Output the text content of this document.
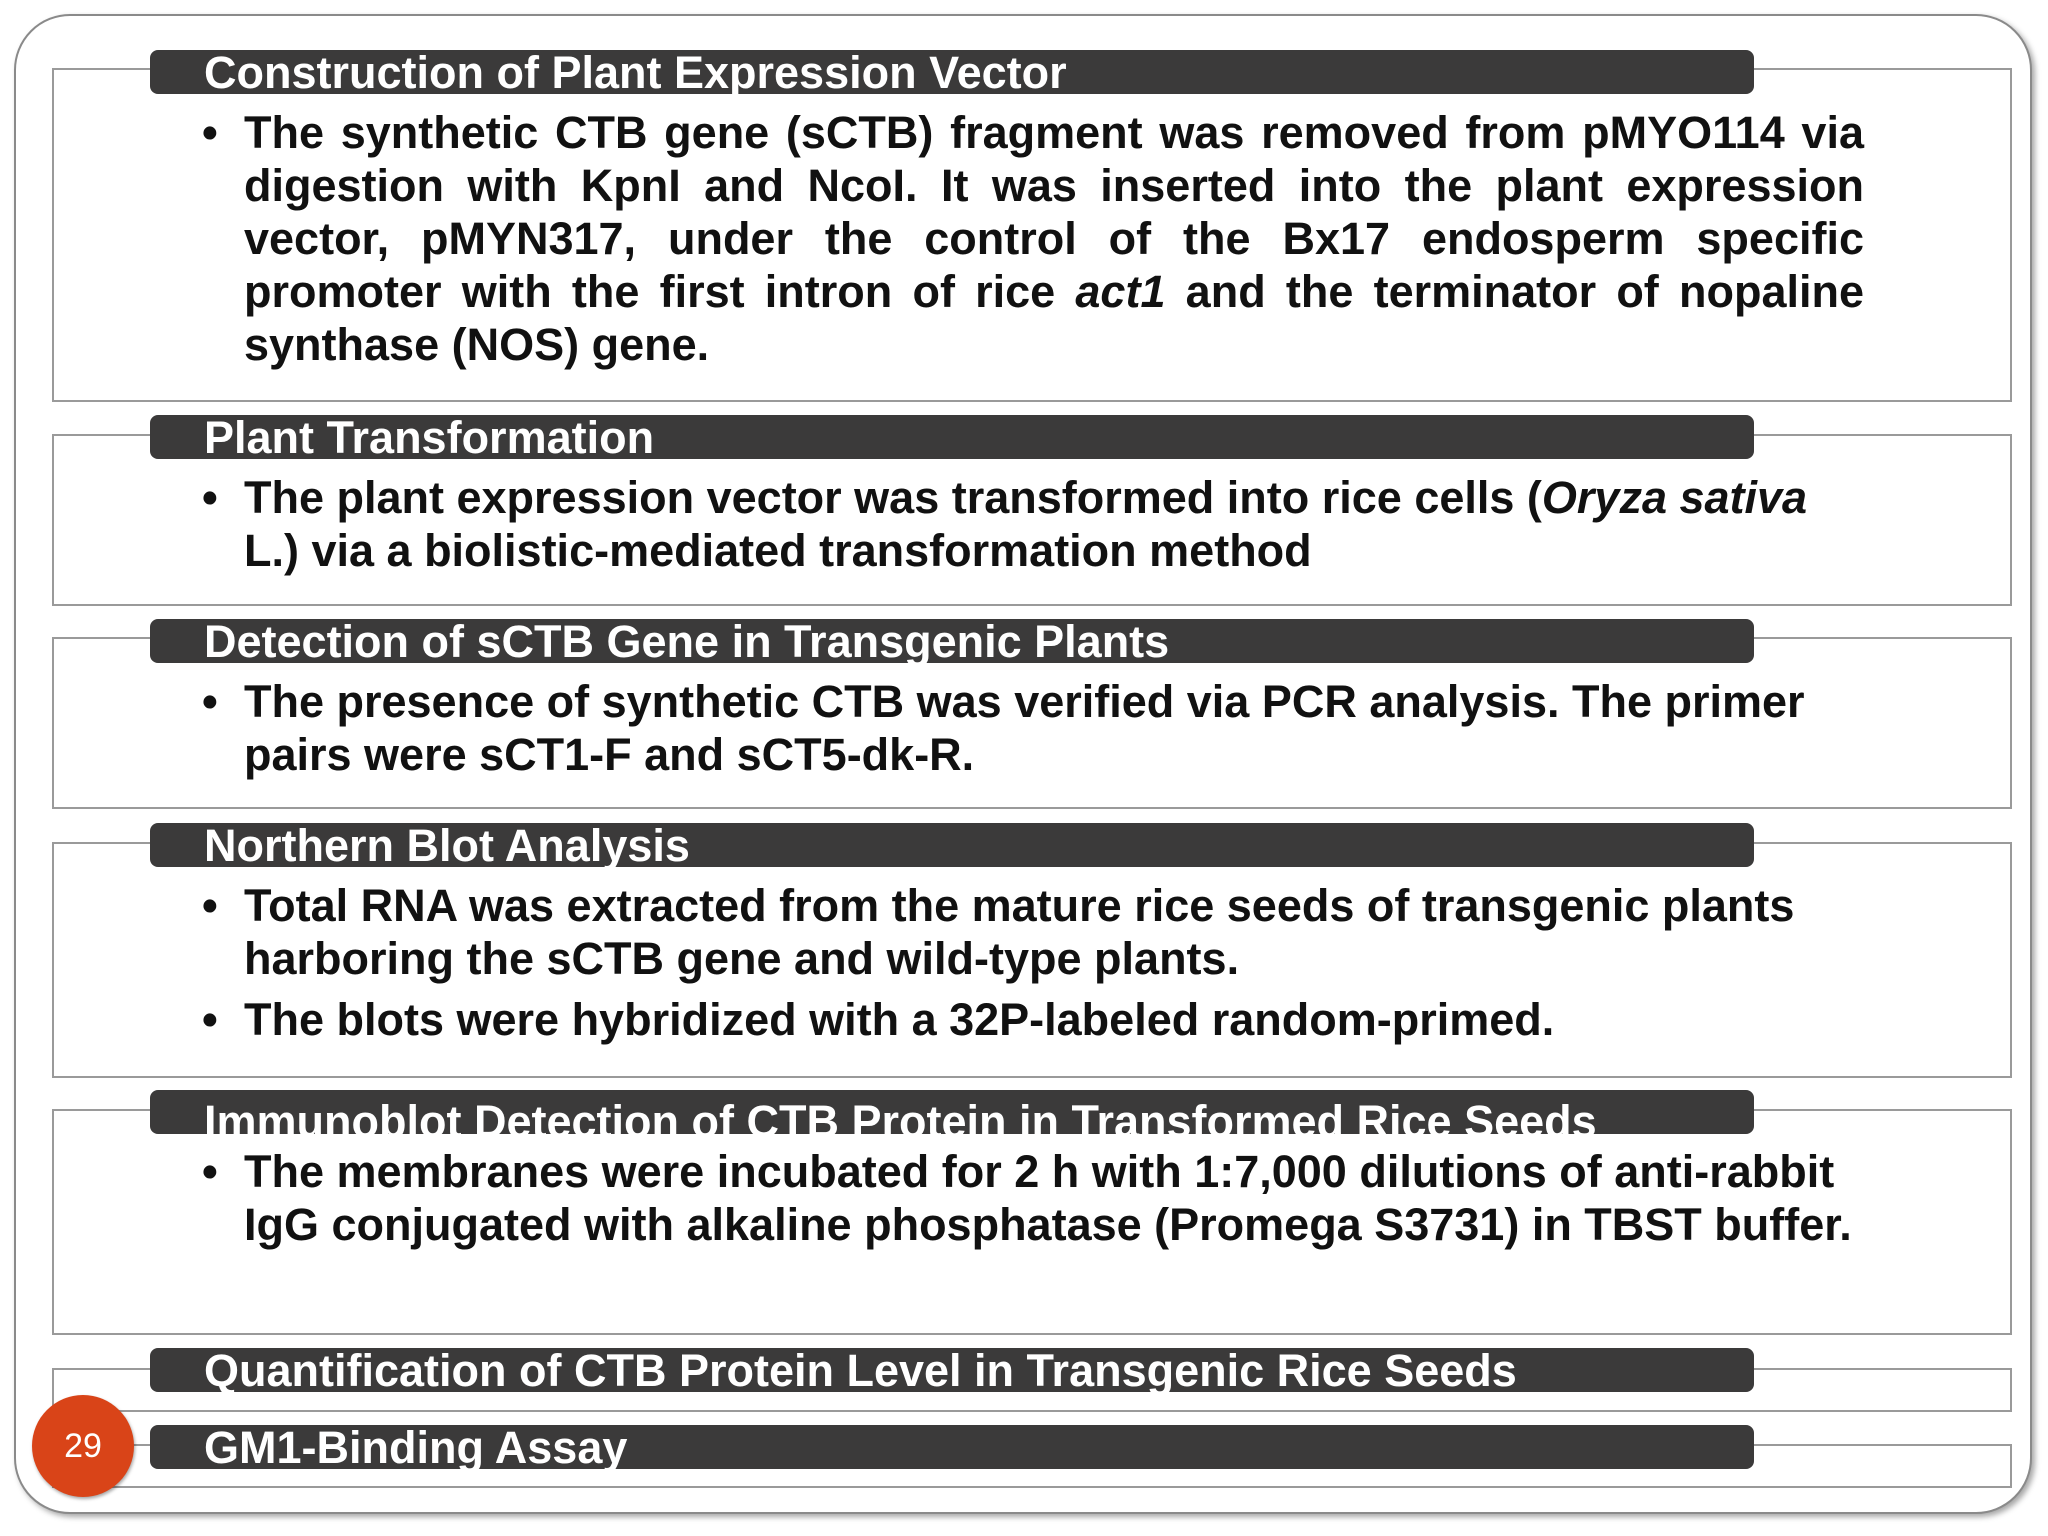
Construction of Plant Expression Vector
• The synthetic CTB gene (sCTB) fragment was removed from pMYO114 via digestion with KpnI and NcoI. It was inserted into the plant expression vector, pMYN317, under the control of the Bx17 endosperm specific promoter with the first intron of rice act1 and the terminator of nopaline synthase (NOS) gene.
Plant Transformation
• The plant expression vector was transformed into rice cells (Oryza sativa L.) via a biolistic-mediated transformation method
Detection of sCTB Gene in Transgenic Plants
• The presence of synthetic CTB was verified via PCR analysis. The primer pairs were sCT1-F and sCT5-dk-R.
Northern Blot Analysis
• Total RNA was extracted from the mature rice seeds of transgenic plants harboring the sCTB gene and wild-type plants.
• The blots were hybridized with a 32P-labeled random-primed.
Immunoblot Detection of CTB Protein in Transformed Rice Seeds
• The membranes were incubated for 2 h with 1:7,000 dilutions of anti-rabbit IgG conjugated with alkaline phosphatase (Promega S3731) in TBST buffer.
Quantification of CTB Protein Level in Transgenic Rice Seeds
GM1-Binding Assay
29
